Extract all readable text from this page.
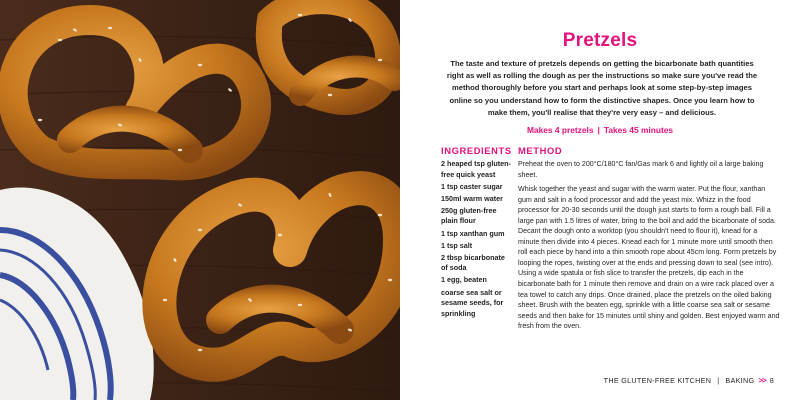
Pretzels
The taste and texture of pretzels depends on getting the bicarbonate bath quantities right as well as rolling the dough as per the instructions so make sure you've read the method thoroughly before you start and perhaps look at some step-by-step images online so you understand how to form the distinctive shapes. Once you learn how to make them, you'll realise that they're very easy – and delicious.
Makes 4 pretzels | Takes 45 minutes
INGREDIENTS
2 heaped tsp gluten-free quick yeast
1 tsp caster sugar
150ml warm water
250g gluten-free plain flour
1 tsp xanthan gum
1 tsp salt
2 tbsp bicarbonate of soda
1 egg, beaten
coarse sea salt or sesame seeds, for sprinkling
METHOD

Preheat the oven to 200°C/180°C fan/Gas mark 6 and lightly oil a large baking sheet.

Whisk together the yeast and sugar with the warm water. Put the flour, xanthan gum and salt in a food processor and add the yeast mix. Whizz in the food processor for 20-30 seconds until the dough just starts to form a rough ball. Fill a large pan with 1.5 litres of water, bring to the boil and add the bicarbonate of soda. Decant the dough onto a worktop (you shouldn't need to flour it), knead for a minute then divide into 4 pieces. Knead each for 1 minute more until smooth then roll each piece by hand into a thin smooth rope about 45cm long. Form pretzels by looping the ropes, twisting over at the ends and pressing down to seal (see intro). Using a wide spatula or fish slice to transfer the pretzels, dip each in the bicarbonate bath for 1 minute then remove and drain on a wire rack placed over a tea towel to catch any drips. Once drained, place the pretzels on the oiled baking sheet. Brush with the beaten egg, sprinkle with a little coarse sea salt or sesame seeds and then bake for 15 minutes until shiny and golden. Best enjoyed warm and fresh from the oven.

THE GLUTEN-FREE KITCHEN | BAKING >> 8
